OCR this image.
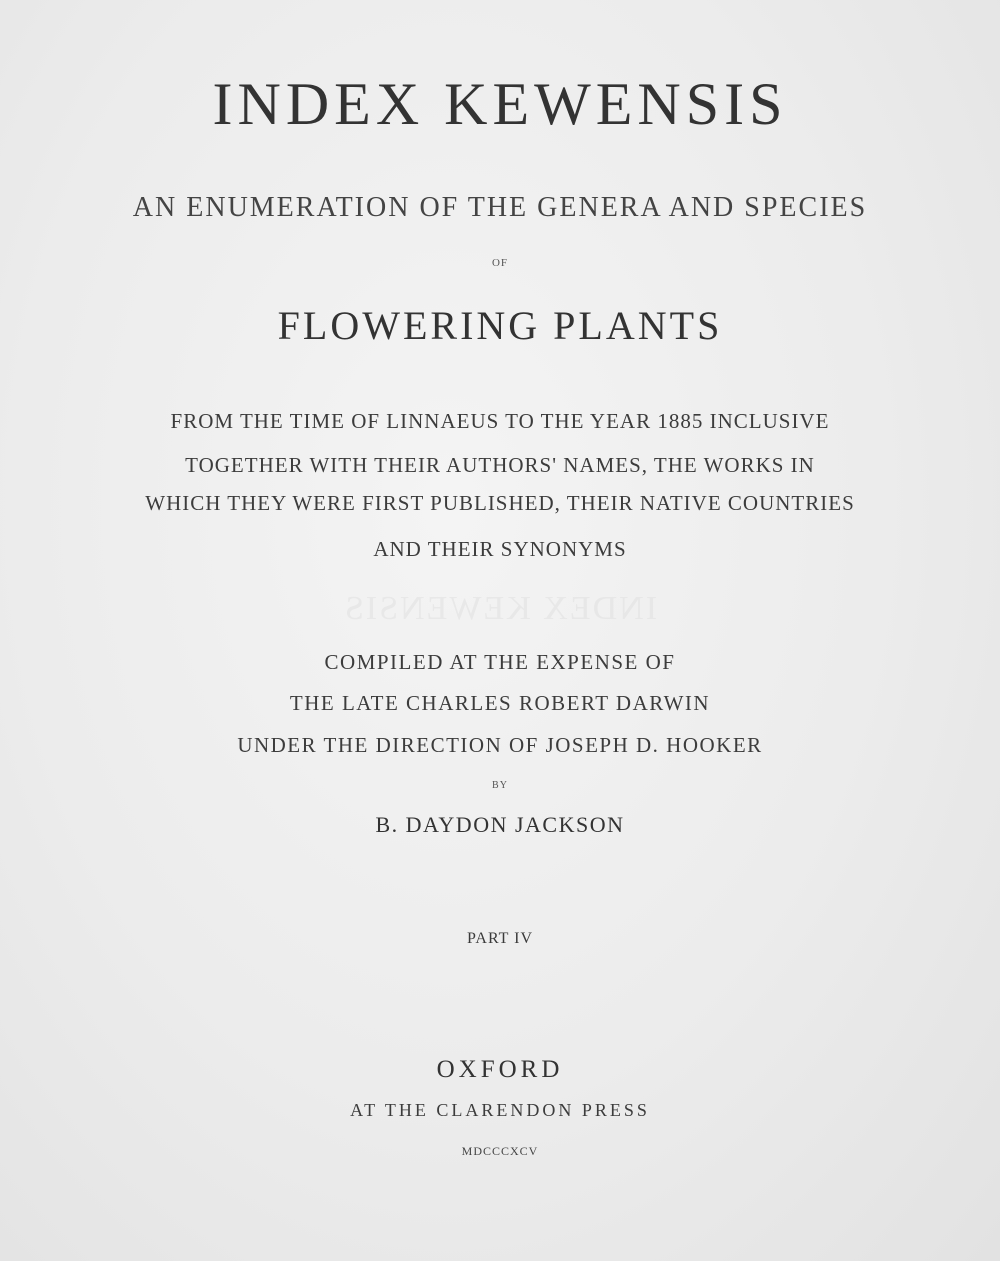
INDEX KEWENSIS
INDEX KEWENSIS
AN ENUMERATION OF THE GENERA AND SPECIES
OF
FLOWERING PLANTS
FROM THE TIME OF LINNAEUS TO THE YEAR 1885 INCLUSIVE
TOGETHER WITH THEIR AUTHORS' NAMES, THE WORKS IN
WHICH THEY WERE FIRST PUBLISHED, THEIR NATIVE COUNTRIES
AND THEIR SYNONYMS
COMPILED AT THE EXPENSE OF
THE LATE CHARLES ROBERT DARWIN
UNDER THE DIRECTION OF JOSEPH D. HOOKER
BY
B. DAYDON JACKSON
PART IV
OXFORD
AT THE CLARENDON PRESS
MDCCCXCV
